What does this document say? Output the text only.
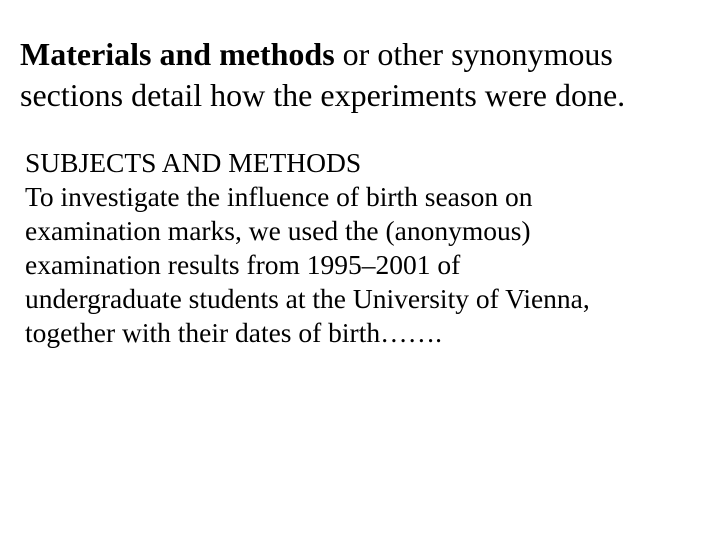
Materials and methods or other synonymous
sections detail how the experiments were done.

SUBJECTS AND METHODS
To investigate the influence of birth season on
examination marks, we used the (anonymous)
examination results from 1995–2001 of
undergraduate students at the University of Vienna,
together with their dates of birth…….
